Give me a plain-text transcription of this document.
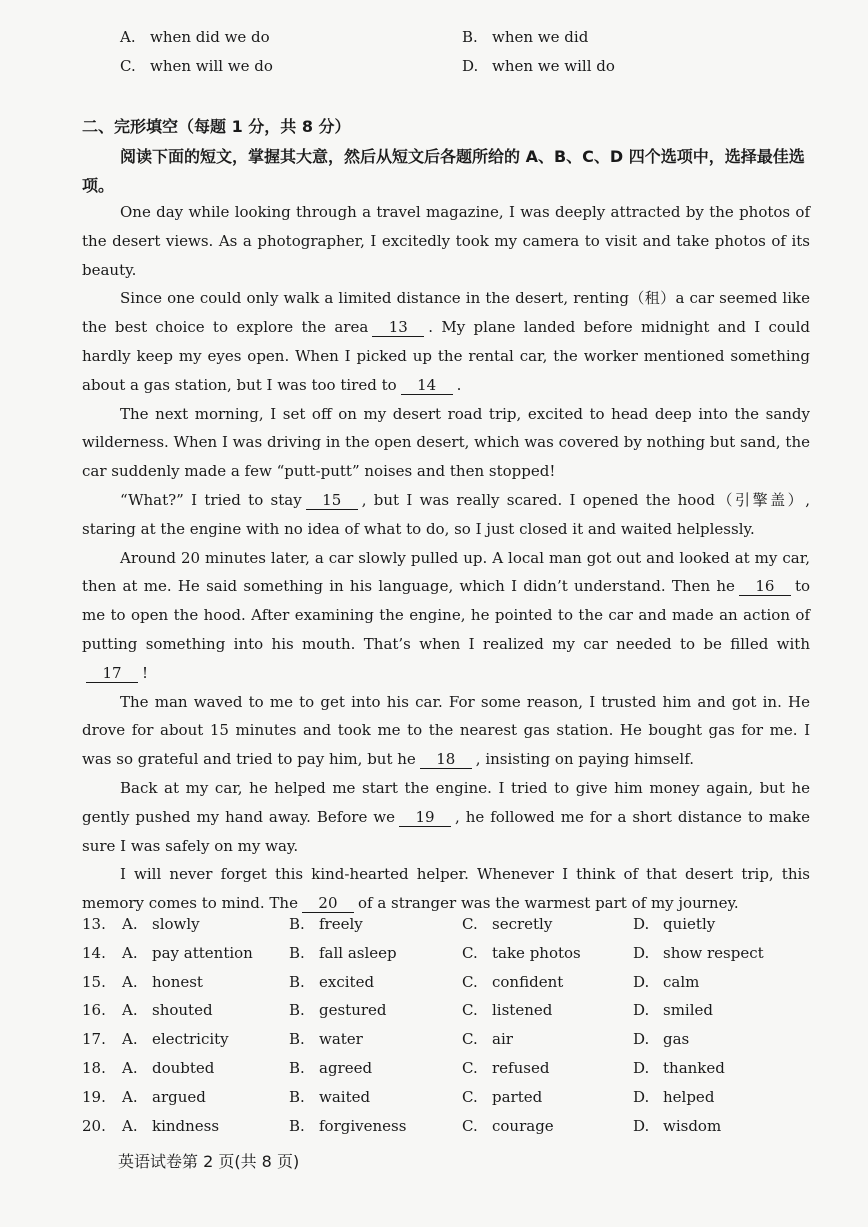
A. when did we do	B. when we did
C. when will we do	D. when we will do
二、完形填空（每题 1 分，共 8 分）
阅读下面的短文，掌握其大意，然后从短文后各题所给的 A、B、C、D 四个选项中，选择最佳选项。

One day while looking through a travel magazine, I was deeply attracted by the photos of the desert views. As a photographer, I excitedly took my camera to visit and take photos of its beauty.

Since one could only walk a limited distance in the desert, renting（租）a car seemed like the best choice to explore the area 13 . My plane landed before midnight and I could hardly keep my eyes open. When I picked up the rental car, the worker mentioned something about a gas station, but I was too tired to 14 .

The next morning, I set off on my desert road trip, excited to head deep into the sandy wilderness. When I was driving in the open desert, which was covered by nothing but sand, the car suddenly made a few “putt-putt” noises and then stopped!

“What?” I tried to stay 15 , but I was really scared. I opened the hood（引擎盖）, staring at the engine with no idea of what to do, so I just closed it and waited helplessly.

Around 20 minutes later, a car slowly pulled up. A local man got out and looked at my car, then at me. He said something in his language, which I didn’t understand. Then he 16 to me to open the hood. After examining the engine, he pointed to the car and made an action of putting something into his mouth. That’s when I realized my car needed to be filled with17 !

The man waved to me to get into his car. For some reason, I trusted him and got in. He drove for about 15 minutes and took me to the nearest gas station. He bought gas for me. I was so grateful and tried to pay him, but he 18 , insisting on paying himself.

Back at my car, he helped me start the engine. I tried to give him money again, but he gently pushed my hand away. Before we 19 , he followed me for a short distance to make sure I was safely on my way.

I will never forget this kind-hearted helper. Whenever I think of that desert trip, this memory comes to mind. The 20 of a stranger was the warmest part of my journey.

13. A. slowly	B. freely	C. secretly	D. quietly
14. A. pay attention B. fall asleep	C. take photos	D. show respect
15. A. honest	B. excited	C. confident	D. calm
16. A. shouted	B. gestured	C. listened	D. smiled
17. A. electricity	B. water	C. air	D. gas
18. A. doubted	B. agreed	C. refused	D. thanked
19. A. argued	B. waited	C. parted	D. helped
20. A. kindness	B. forgiveness	C. courage	D. wisdom
英语试卷第 2 页(共 8 页)
